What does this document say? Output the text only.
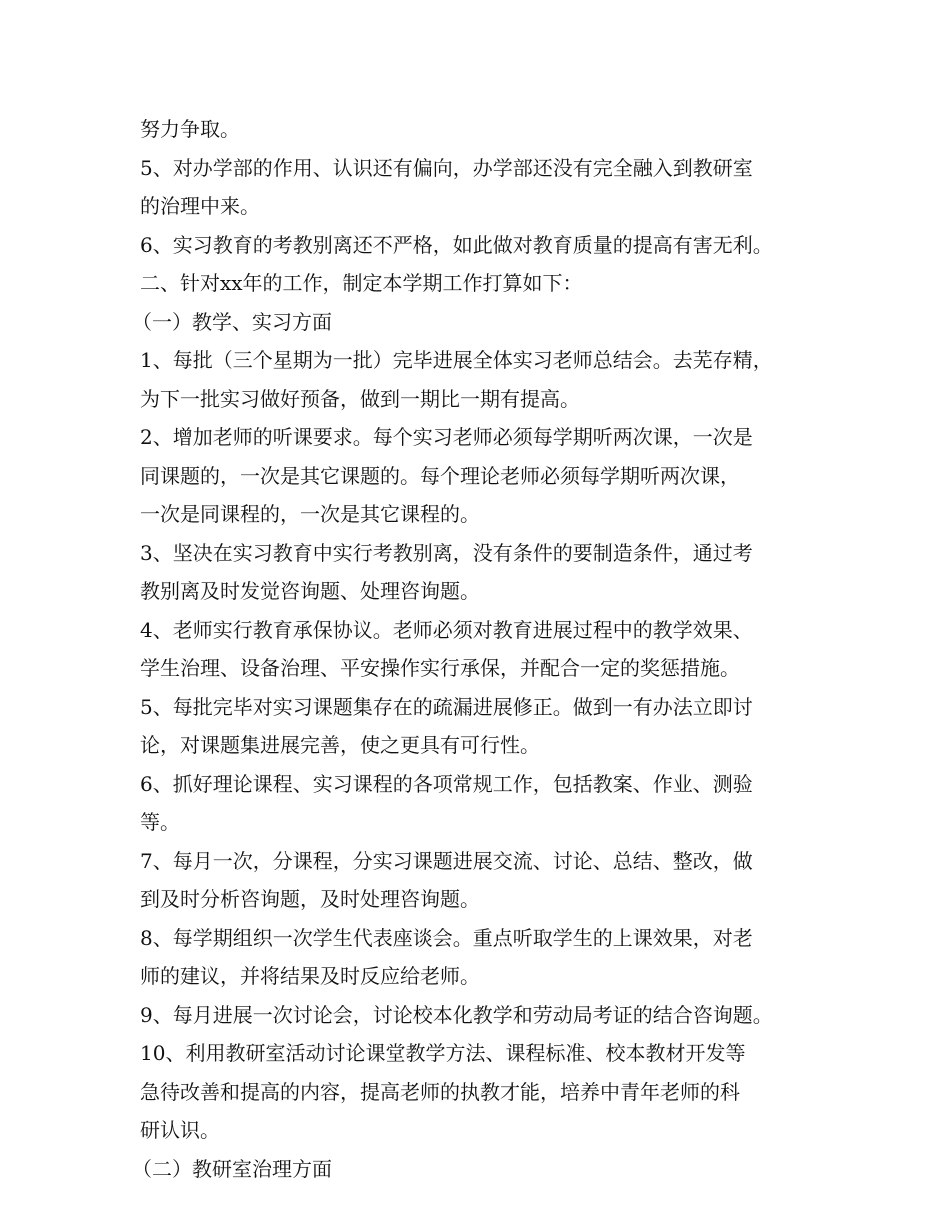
努力争取。
5、对办学部的作用、认识还有偏向，办学部还没有完全融入到教研室
的治理中来。
6、实习教育的考教别离还不严格，如此做对教育质量的提高有害无利。
二、针对xx年的工作，制定本学期工作打算如下：
（一）教学、实习方面
1、每批（三个星期为一批）完毕进展全体实习老师总结会。去芜存精，
为下一批实习做好预备，做到一期比一期有提高。
2、增加老师的听课要求。每个实习老师必须每学期听两次课，一次是
同课题的，一次是其它课题的。每个理论老师必须每学期听两次课，
一次是同课程的，一次是其它课程的。
3、坚决在实习教育中实行考教别离，没有条件的要制造条件，通过考
教别离及时发觉咨询题、处理咨询题。
4、老师实行教育承保协议。老师必须对教育进展过程中的教学效果、
学生治理、设备治理、平安操作实行承保，并配合一定的奖惩措施。
5、每批完毕对实习课题集存在的疏漏进展修正。做到一有办法立即讨
论，对课题集进展完善，使之更具有可行性。
6、抓好理论课程、实习课程的各项常规工作，包括教案、作业、测验
等。
7、每月一次，分课程，分实习课题进展交流、讨论、总结、整改，做
到及时分析咨询题，及时处理咨询题。
8、每学期组织一次学生代表座谈会。重点听取学生的上课效果，对老
师的建议，并将结果及时反应给老师。
9、每月进展一次讨论会，讨论校本化教学和劳动局考证的结合咨询题。
10、利用教研室活动讨论课堂教学方法、课程标准、校本教材开发等
急待改善和提高的内容，提高老师的执教才能，培养中青年老师的科
研认识。
（二）教研室治理方面
